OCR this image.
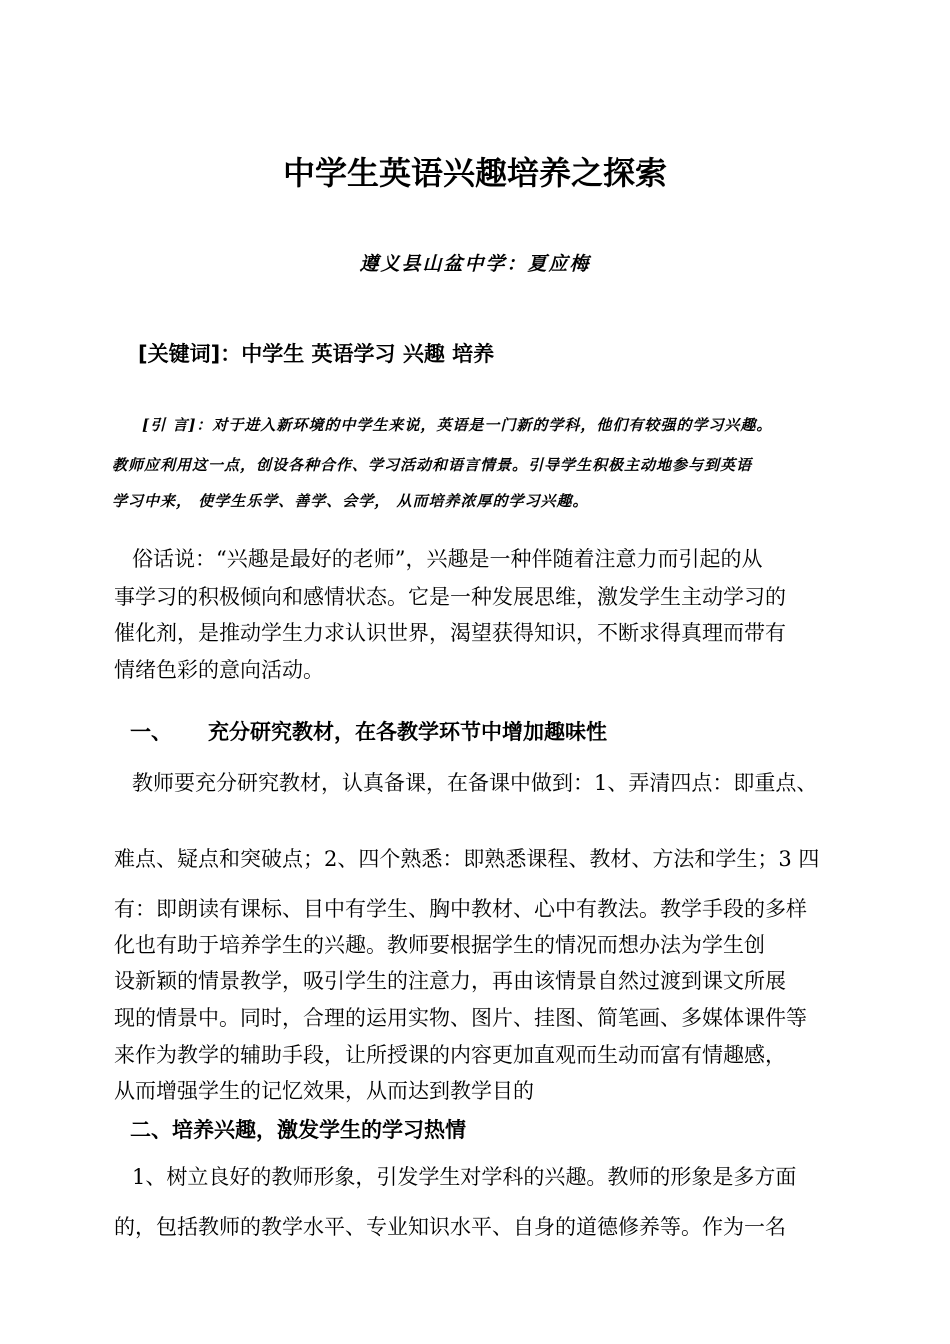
中学生英语兴趣培养之探索
遵义县山盆中学：夏应梅
[关键词]：中学生 英语学习 兴趣 培养
[引 言]：对于进入新环境的中学生来说，英语是一门新的学科，他们有较强的学习兴趣。
教师应利用这一点，创设各种合作、学习活动和语言情景。引导学生积极主动地参与到英语
学习中来， 使学生乐学、善学、会学， 从而培养浓厚的学习兴趣。
俗话说：“兴趣是最好的老师”，兴趣是一种伴随着注意力而引起的从
事学习的积极倾向和感情状态。它是一种发展思维，激发学生主动学习的
催化剂，是推动学生力求认识世界，渴望获得知识，不断求得真理而带有
情绪色彩的意向活动。
一、 充分研究教材，在各教学环节中增加趣味性
教师要充分研究教材，认真备课，在备课中做到：1、弄清四点：即重点、
难点、疑点和突破点；2、四个熟悉：即熟悉课程、教材、方法和学生；3 四
有：即朗读有课标、目中有学生、胸中教材、心中有教法。教学手段的多样
化也有助于培养学生的兴趣。教师要根据学生的情况而想办法为学生创
设新颖的情景教学，吸引学生的注意力，再由该情景自然过渡到课文所展
现的情景中。同时，合理的运用实物、图片、挂图、简笔画、多媒体课件等
来作为教学的辅助手段，让所授课的内容更加直观而生动而富有情趣感，
从而增强学生的记忆效果，从而达到教学目的
二、培养兴趣，激发学生的学习热情
1、树立良好的教师形象，引发学生对学科的兴趣。教师的形象是多方面
的，包括教师的教学水平、专业知识水平、自身的道德修养等。作为一名
